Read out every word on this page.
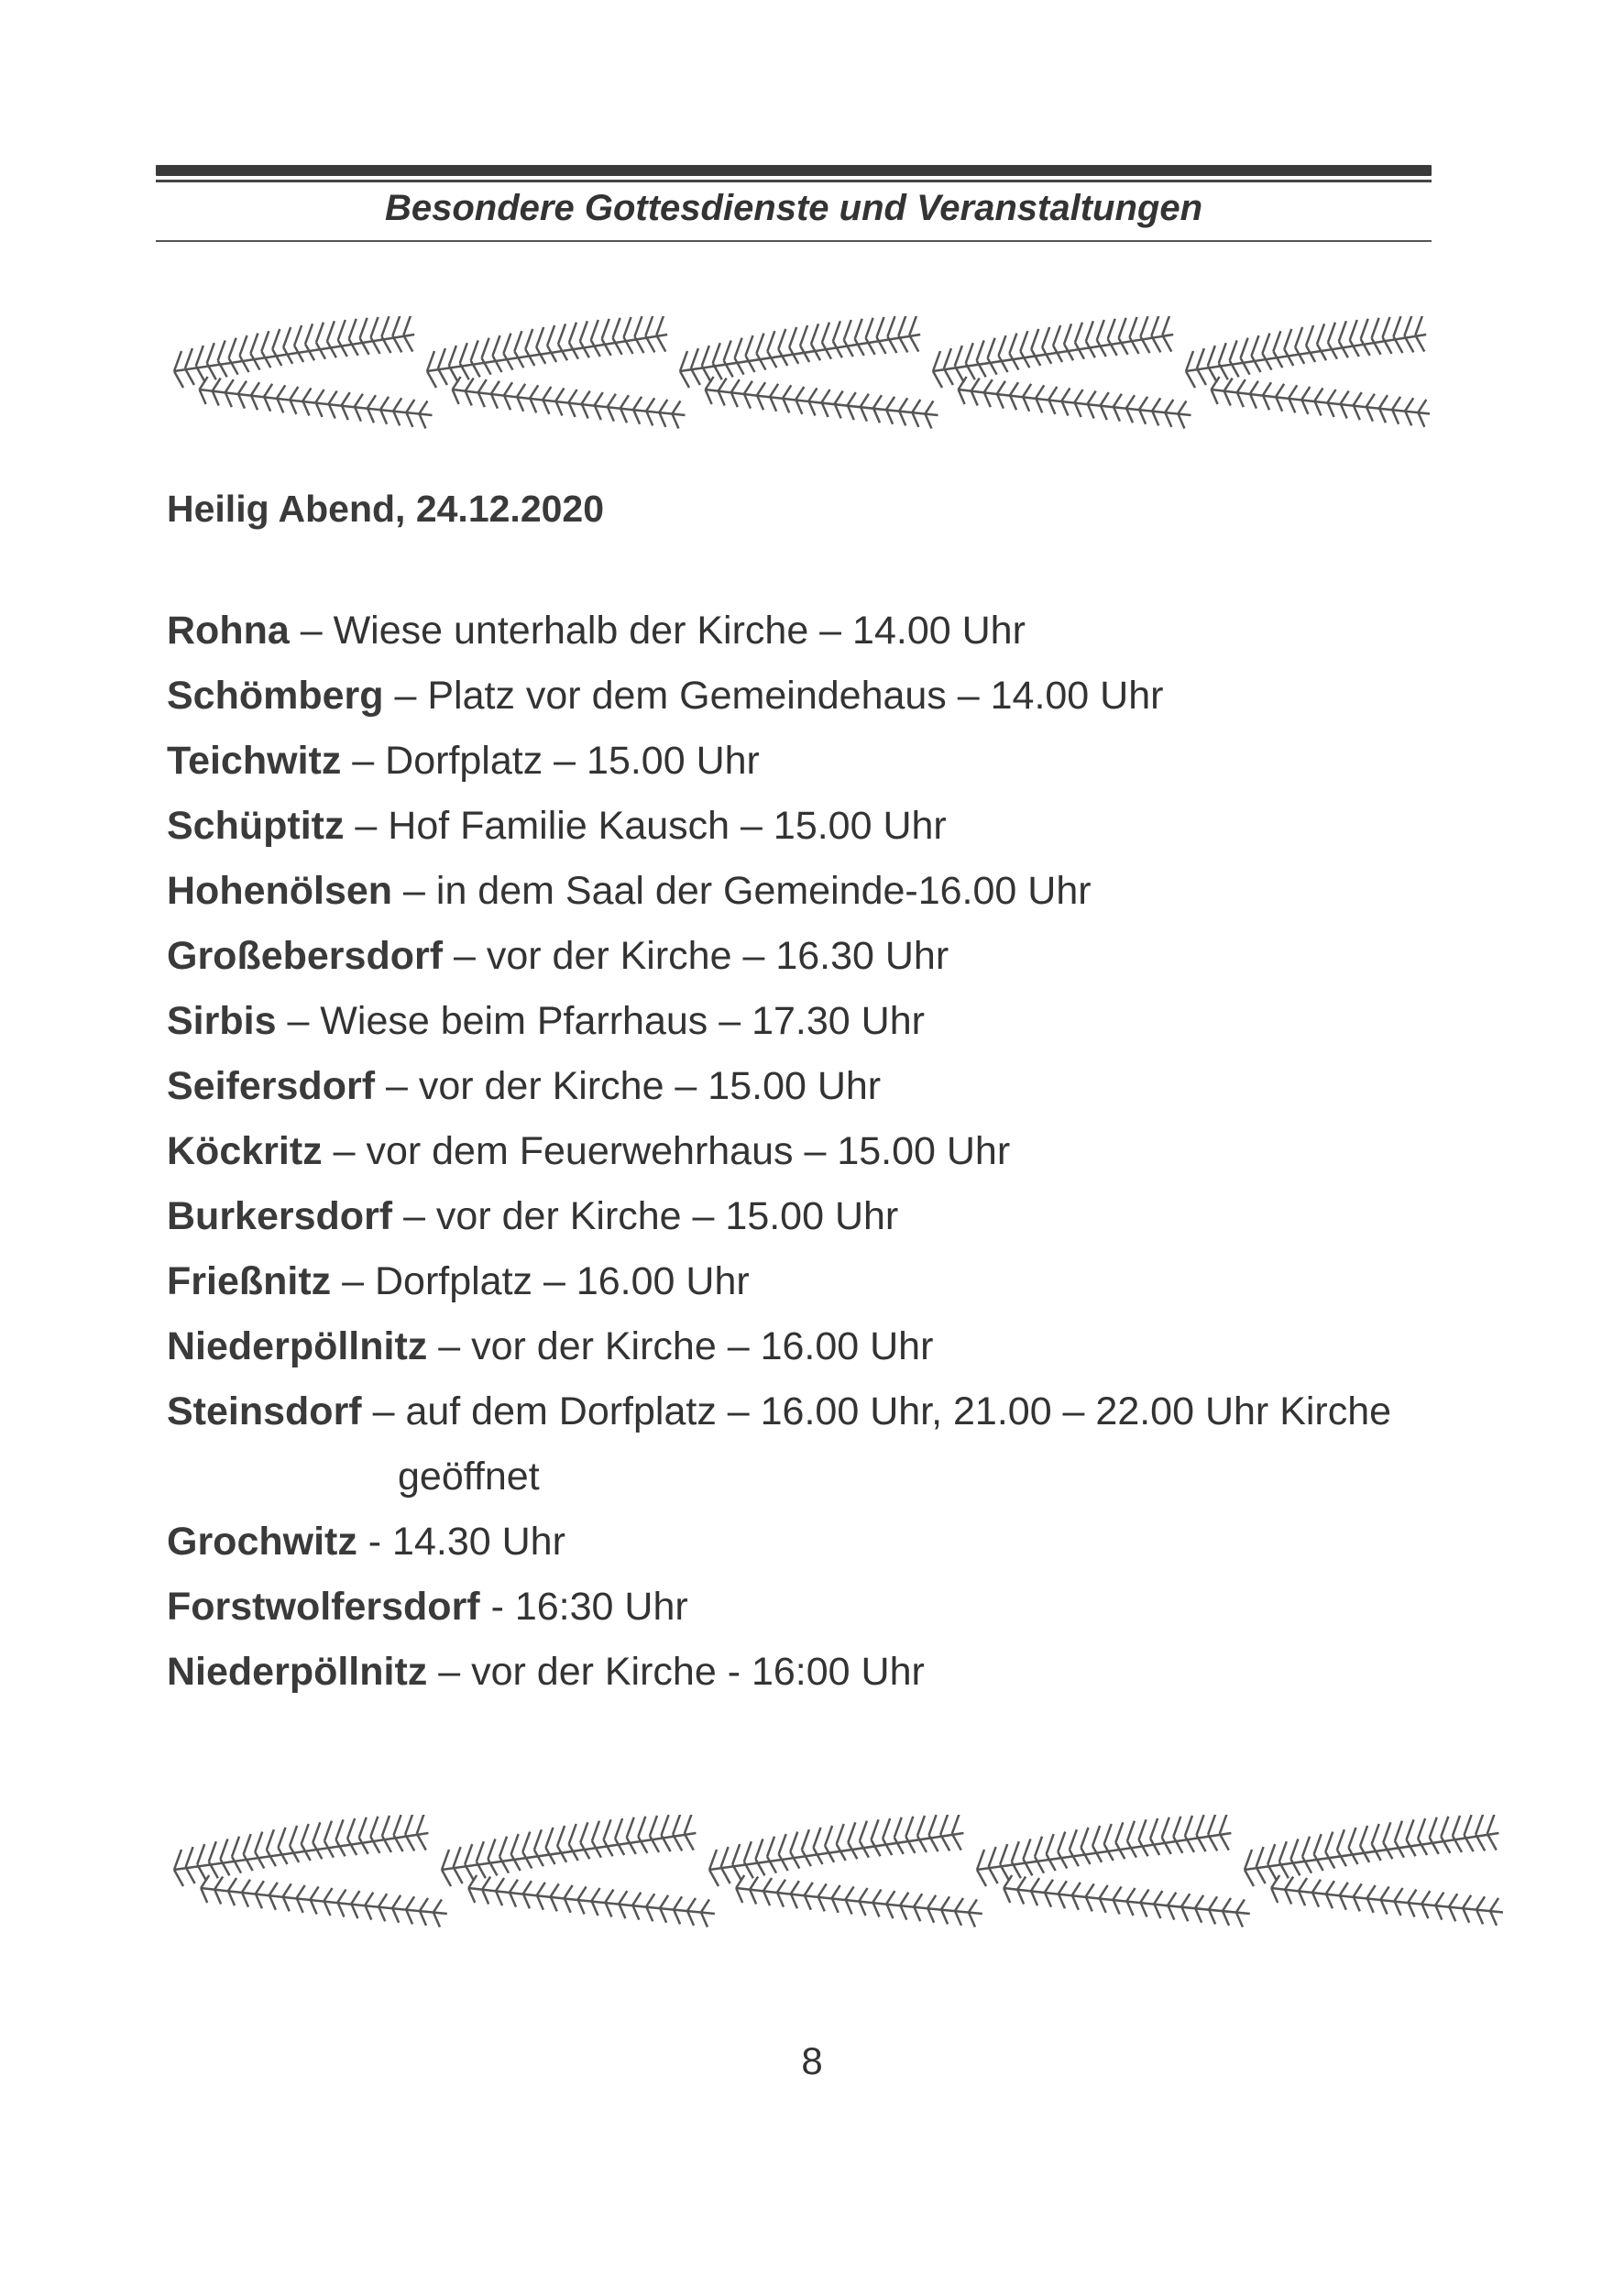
Besondere Gottesdienste und Veranstaltungen
Heilig Abend, 24.12.2020
Rohna – Wiese unterhalb der Kirche – 14.00 Uhr
Schömberg – Platz vor dem Gemeindehaus – 14.00 Uhr
Teichwitz – Dorfplatz – 15.00 Uhr
Schüptitz – Hof Familie Kausch – 15.00 Uhr
Hohenölsen – in dem Saal der Gemeinde-16.00 Uhr
Großebersdorf – vor der Kirche – 16.30 Uhr
Sirbis – Wiese beim Pfarrhaus – 17.30 Uhr
Seifersdorf – vor der Kirche – 15.00 Uhr
Köckritz – vor dem Feuerwehrhaus – 15.00 Uhr
Burkersdorf – vor der Kirche – 15.00 Uhr
Frießnitz – Dorfplatz – 16.00 Uhr
Niederpöllnitz – vor der Kirche – 16.00 Uhr
Steinsdorf – auf dem Dorfplatz – 16.00 Uhr, 21.00 – 22.00 Uhr Kirche
geöffnet
Grochwitz - 14.30 Uhr
Forstwolfersdorf - 16:30 Uhr
Niederpöllnitz – vor der Kirche - 16:00 Uhr
8
